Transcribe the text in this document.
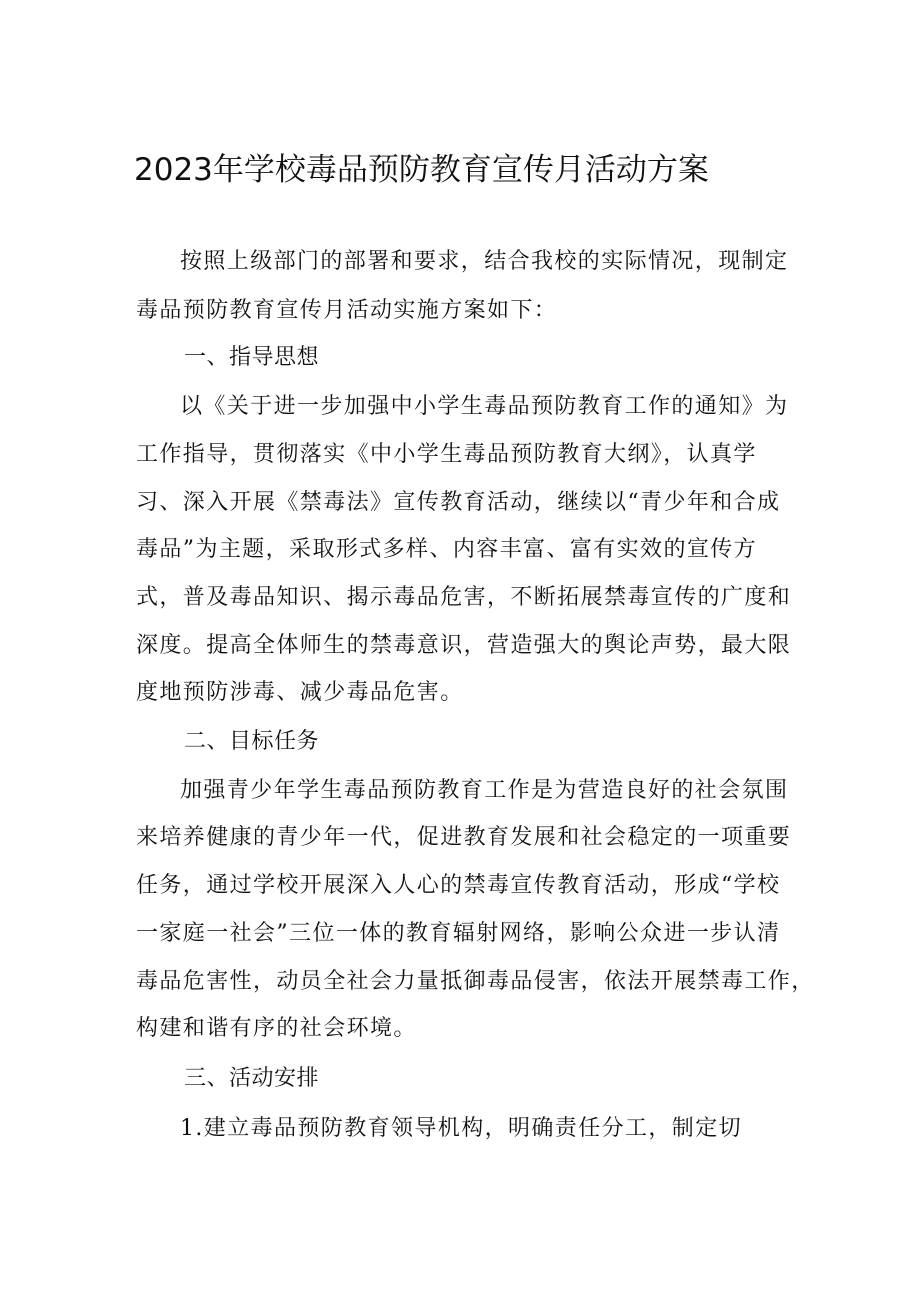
2023年学校毒品预防教育宣传月活动方案
按照上级部门的部署和要求，结合我校的实际情况，现制定
毒品预防教育宣传月活动实施方案如下：
一、指导思想
以《关于进一步加强中小学生毒品预防教育工作的通知》为
工作指导，贯彻落实《中小学生毒品预防教育大纲》，认真学
习、深入开展《禁毒法》宣传教育活动，继续以“青少年和合成
毒品”为主题，采取形式多样、内容丰富、富有实效的宣传方
式，普及毒品知识、揭示毒品危害，不断拓展禁毒宣传的广度和
深度。提高全体师生的禁毒意识，营造强大的舆论声势，最大限
度地预防涉毒、减少毒品危害。
二、目标任务
加强青少年学生毒品预防教育工作是为营造良好的社会氛围
来培养健康的青少年一代，促进教育发展和社会稳定的一项重要
任务，通过学校开展深入人心的禁毒宣传教育活动，形成“学校
一家庭一社会”三位一体的教育辐射网络，影响公众进一步认清
毒品危害性，动员全社会力量抵御毒品侵害，依法开展禁毒工作，
构建和谐有序的社会环境。
三、活动安排
1.建立毒品预防教育领导机构，明确责任分工，制定切
